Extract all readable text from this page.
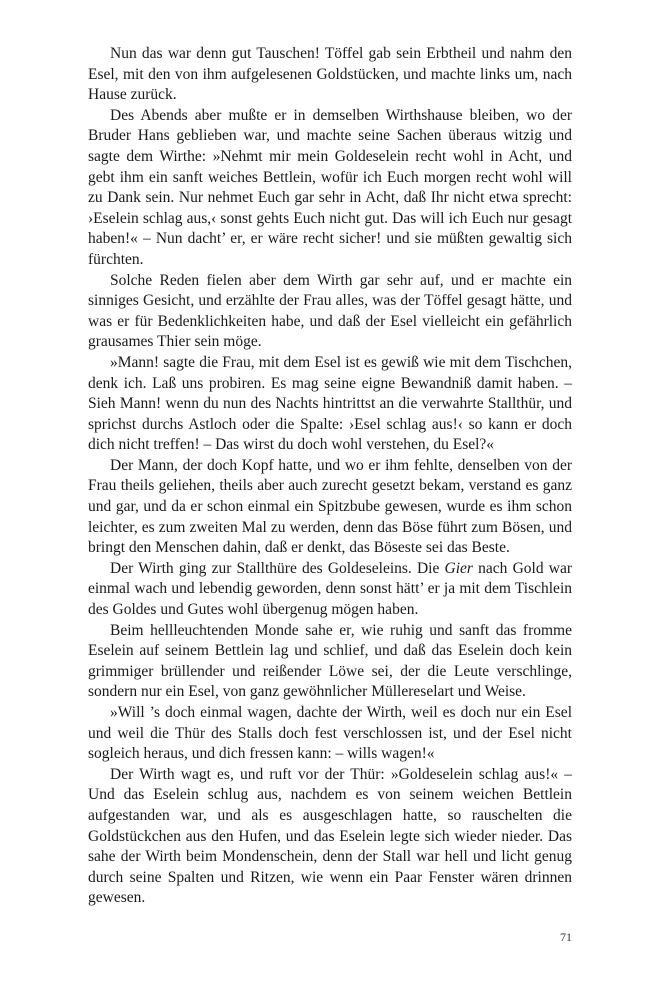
Nun das war denn gut Tauschen! Töffel gab sein Erbtheil und nahm den Esel, mit den von ihm aufgelesenen Goldstücken, und machte links um, nach Hause zurück.

Des Abends aber mußte er in demselben Wirthshause bleiben, wo der Bruder Hans geblieben war, und machte seine Sachen überaus witzig und sagte dem Wirthe: »Nehmt mir mein Goldeselein recht wohl in Acht, und gebt ihm ein sanft weiches Bettlein, wofür ich Euch morgen recht wohl will zu Dank sein. Nur nehmet Euch gar sehr in Acht, daß Ihr nicht etwa sprecht: ›Eselein schlag aus,‹ sonst gehts Euch nicht gut. Das will ich Euch nur gesagt haben!« – Nun dacht’ er, er wäre recht sicher! und sie müßten gewaltig sich fürchten.

Solche Reden fielen aber dem Wirth gar sehr auf, und er machte ein sinniges Gesicht, und erzählte der Frau alles, was der Töffel gesagt hätte, und was er für Bedenklichkeiten habe, und daß der Esel vielleicht ein gefährlich grausames Thier sein möge.

»Mann! sagte die Frau, mit dem Esel ist es gewiß wie mit dem Tischchen, denk ich. Laß uns probiren. Es mag seine eigne Bewandniß damit haben. – Sieh Mann! wenn du nun des Nachts hintrittst an die verwahrte Stallthür, und sprichst durchs Astloch oder die Spalte: ›Esel schlag aus!‹ so kann er doch dich nicht treffen! – Das wirst du doch wohl verstehen, du Esel?«

Der Mann, der doch Kopf hatte, und wo er ihm fehlte, denselben von der Frau theils geliehen, theils aber auch zurecht gesetzt bekam, verstand es ganz und gar, und da er schon einmal ein Spitzbube gewesen, wurde es ihm schon leichter, es zum zweiten Mal zu werden, denn das Böse führt zum Bösen, und bringt den Menschen dahin, daß er denkt, das Böseste sei das Beste.

Der Wirth ging zur Stallthüre des Goldeseleins. Die Gier nach Gold war einmal wach und lebendig geworden, denn sonst hätt’ er ja mit dem Tischlein des Goldes und Gutes wohl übergenug mögen haben.

Beim hellleuchtenden Monde sahe er, wie ruhig und sanft das fromme Eselein auf seinem Bettlein lag und schlief, und daß das Eselein doch kein grimmiger brüllender und reißender Löwe sei, der die Leute verschlinge, sondern nur ein Esel, von ganz gewöhnlicher Müllereselart und Weise.

»Will ’s doch einmal wagen, dachte der Wirth, weil es doch nur ein Esel und weil die Thür des Stalls doch fest verschlossen ist, und der Esel nicht sogleich heraus, und dich fressen kann: – wills wagen!«

Der Wirth wagt es, und ruft vor der Thür: »Goldeselein schlag aus!« – Und das Eselein schlug aus, nachdem es von seinem weichen Bettlein aufgestanden war, und als es ausgeschlagen hatte, so rauschelten die Goldstückchen aus den Hufen, und das Eselein legte sich wieder nieder. Das sahe der Wirth beim Mondenschein, denn der Stall war hell und licht genug durch seine Spalten und Ritzen, wie wenn ein Paar Fenster wären drinnen gewesen.

71
